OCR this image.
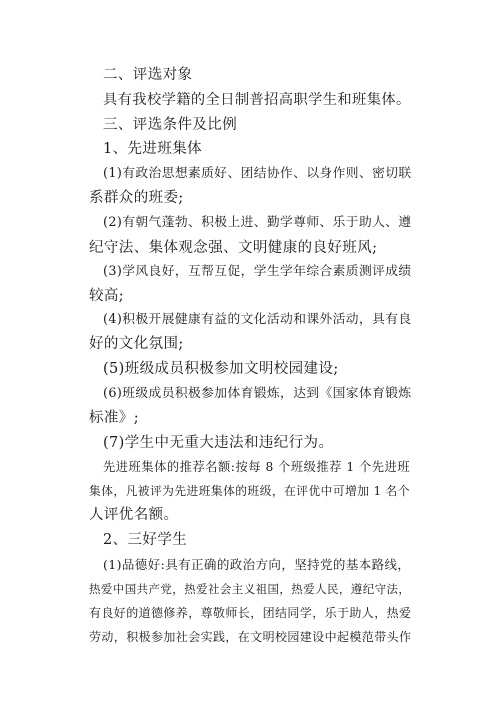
二、评选对象
具有我校学籍的全日制普招高职学生和班集体。
三、评选条件及比例
1、先进班集体
(1)有政治思想素质好、团结协作、以身作则、密切联
系群众的班委;
(2)有朝气蓬勃、积极上进、勤学尊师、乐于助人、遵
纪守法、集体观念强、文明健康的良好班风;
(3)学风良好，互帮互促，学生学年综合素质测评成绩
较高;
(4)积极开展健康有益的文化活动和课外活动，具有良
好的文化氛围;
(5)班级成员积极参加文明校园建设;
(6)班级成员积极参加体育锻炼，达到《国家体育锻炼
标准》;
(7)学生中无重大违法和违纪行为。
先进班集体的推荐名额:按每 8 个班级推荐 1 个先进班
集体，凡被评为先进班集体的班级，在评优中可增加 1 名个
人评优名额。
2、三好学生
(1)品德好:具有正确的政治方向，坚持党的基本路线，
热爱中国共产党，热爱社会主义祖国，热爱人民，遵纪守法，
有良好的道德修养，尊敬师长，团结同学，乐于助人，热爱
劳动，积极参加社会实践，在文明校园建设中起模范带头作
